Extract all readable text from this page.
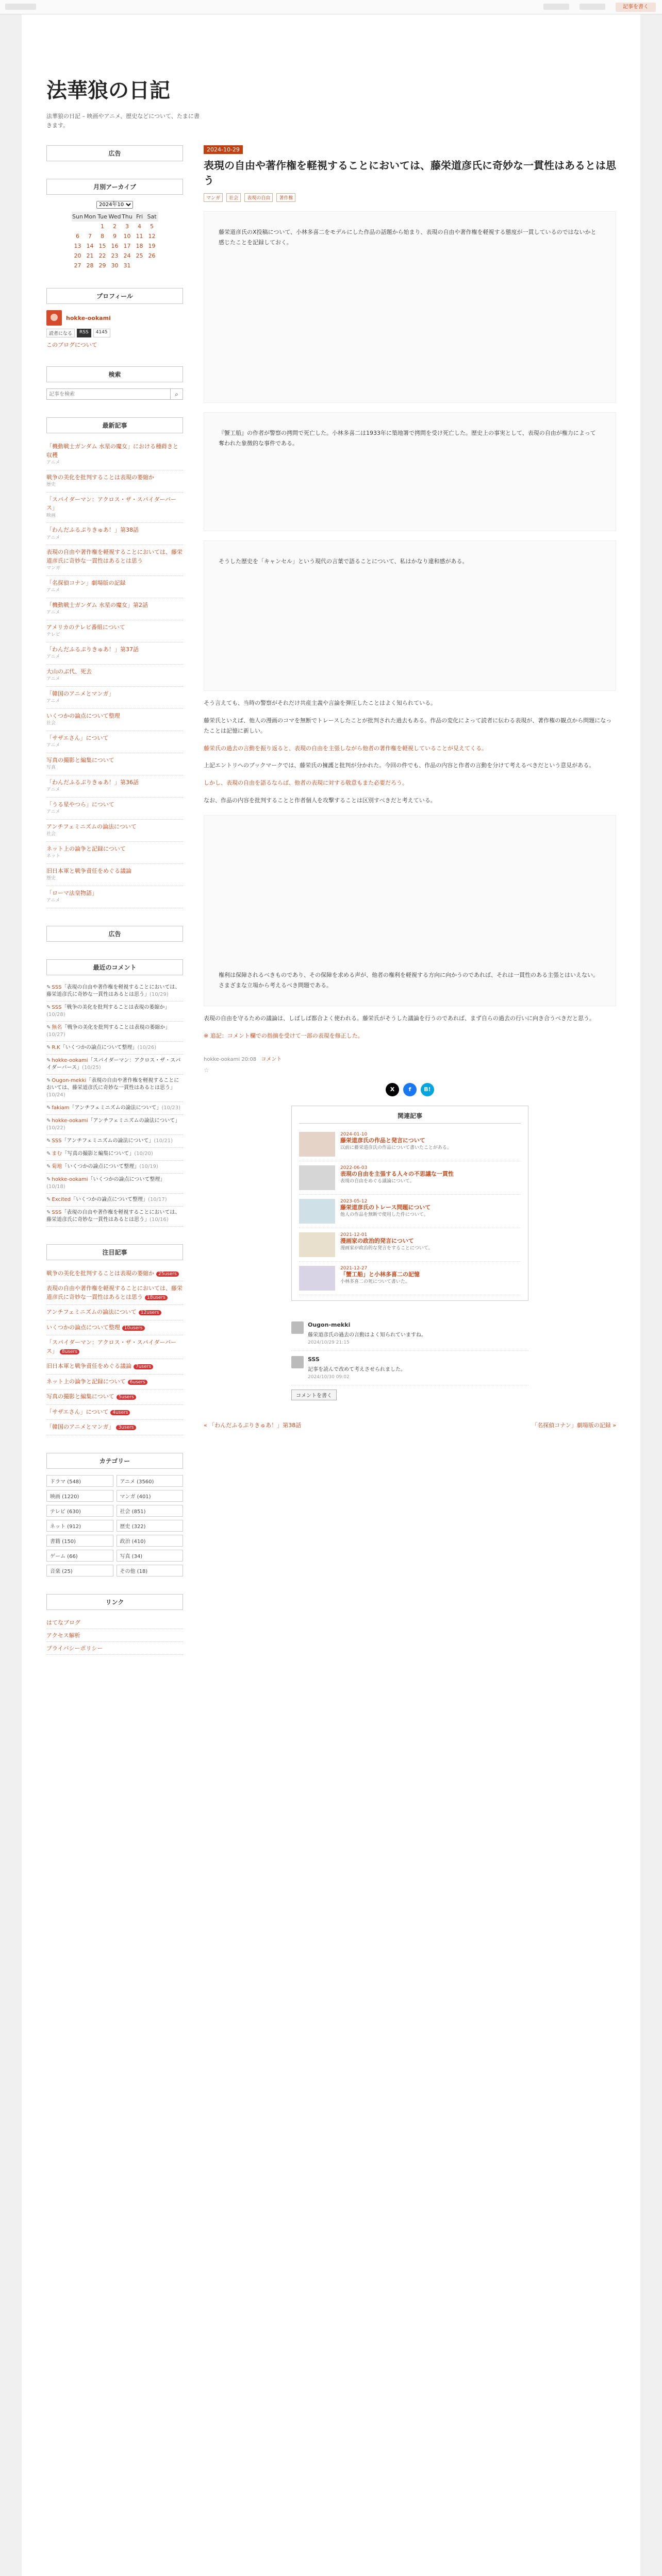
記事を書く
法華狼の日記
法華狼の日記 – 映画やアニメ、歴史などについて、たまに書きます。
広告
月別アーカイブ
2024年10
Sun	Mon	Tue	Wed	Thu	Fri	Sat
		1	2	3	4	5
6	7	8	9	10	11	12
13	14	15	16	17	18	19
20	21	22	23	24	25	26
27	28	29	30	31		
プロフィール
hokke-ookami
読者になる	RSS	4145
このブログについて
検索
記事を検索
⌕
最新記事
「機動戦士ガンダム 水星の魔女」における種蒔きと収穫
アニメ
戦争の美化を批判することは表現の萎縮か
歴史
「スパイダーマン：アクロス・ザ・スパイダーバース」
映画
「わんだふるぷりきゅあ！」第38話
アニメ
表現の自由や著作権を軽視することにおいては、藤栄道彦氏に奇妙な一貫性はあるとは思う
マンガ
「名探偵コナン」劇場版の記録
アニメ
「機動戦士ガンダム 水星の魔女」第2話
アニメ
アメリカのテレビ番組について
テレビ
「わんだふるぷりきゅあ！」第37話
アニメ
大山のぶ代、死去
アニメ
「韓国のアニメとマンガ」
アニメ
いくつかの論点について整理
社会
「サザエさん」について
アニメ
写真の撮影と編集について
写真
「わんだふるぷりきゅあ！」第36話
アニメ
「うる星やつら」について
アニメ
アンチフェミニズムの論法について
社会
ネット上の論争と記録について
ネット
旧日本軍と戦争責任をめぐる議論
歴史
「ローマ法皇物語」
アニメ
広告
最近のコメント
✎ SSS「表現の自由や著作権を軽視することにおいては、藤栄道彦氏に奇妙な一貫性はあるとは思う」(10/29)
✎ SSS「戦争の美化を批判することは表現の萎縮か」(10/28)
✎ 無名「戦争の美化を批判することは表現の萎縮か」(10/27)
✎ R.K「いくつかの論点について整理」(10/26)
✎ hokke-ookami「スパイダーマン：アクロス・ザ・スパイダーバース」(10/25)
✎ Ougon-mekki「表現の自由や著作権を軽視することにおいては、藤栄道彦氏に奇妙な一貫性はあるとは思う」(10/24)
✎ fakiam「アンチフェミニズムの論法について」(10/23)
✎ hokke-ookami「アンチフェミニズムの論法について」(10/22)
✎ SSS「アンチフェミニズムの論法について」(10/21)
✎ まむ「写真の撮影と編集について」(10/20)
✎ 菊地「いくつかの論点について整理」(10/19)
✎ hokke-ookami「いくつかの論点について整理」(10/18)
✎ Excited「いくつかの論点について整理」(10/17)
✎ SSS「表現の自由や著作権を軽視することにおいては、藤栄道彦氏に奇妙な一貫性はあるとは思う」(10/16)
注目記事
戦争の美化を批判することは表現の萎縮か 25users
表現の自由や著作権を軽視することにおいては、藤栄道彦氏に奇妙な一貫性はあるとは思う 18users
アンチフェミニズムの論法について 12users
いくつかの論点について整理 10users
「スパイダーマン：アクロス・ザ・スパイダーバース」 8users
旧日本軍と戦争責任をめぐる議論 7users
ネット上の論争と記録について 6users
写真の撮影と編集について 5users
「サザエさん」について 4users
「韓国のアニメとマンガ」 3users
カテゴリー
ドラマ (548)	アニメ (3560)
映画 (1220)	マンガ (401)
テレビ (630)	社会 (851)
ネット (912)	歴史 (322)
書籍 (150)	政治 (410)
ゲーム (66)	写真 (34)
音楽 (25)	その他 (18)
リンク
はてなブログ
アクセス解析
プライバシーポリシー
2024-10-29
表現の自由や著作権を軽視することにおいては、藤栄道彦氏に奇妙な一貫性はあるとは思う
マンガ 社会 表現の自由 著作権
藤栄道彦氏のX投稿について、小林多喜二をモデルにした作品の話題から始まり、表現の自由や著作権を軽視する態度が一貫しているのではないかと感じたことを記録しておく。
『蟹工船』の作者が警察の拷問で死亡した。小林多喜二は1933年に築地署で拷問を受け死亡した。歴史上の事実として、表現の自由が権力によって奪われた象徴的な事件である。
そうした歴史を「キャンセル」という現代の言葉で語ることについて、私はかなり違和感がある。

そう言えても、当時の警察がそれだけ共産主義や言論を弾圧したことはよく知られている。

藤栄氏といえば、他人の漫画のコマを無断でトレースしたことが批判された過去もある。作品の変化によって読者に伝わる表現が、著作権の観点から問題になったことは記憶に新しい。

藤栄氏の過去の言動を振り返ると、表現の自由を主張しながら他者の著作権を軽視していることが見えてくる。

上記エントリへのブックマークでは、藤栄氏の擁護と批判が分かれた。今回の件でも、作品の内容と作者の言動を分けて考えるべきだという意見がある。

しかし、表現の自由を語るならば、他者の表現に対する敬意もまた必要だろう。

なお、作品の内容を批判することと作者個人を攻撃することは区別すべきだと考えている。

権利は保障されるべきものであり、その保障を求める声が、他者の権利を軽視する方向に向かうのであれば、それは一貫性のある主張とはいえない。さまざまな立場から考えるべき問題である。

表現の自由を守るための議論は、しばしば都合よく使われる。藤栄氏がそうした議論を行うのであれば、まず自らの過去の行いに向き合うべきだと思う。

※ 追記：コメント欄での指摘を受けて一部の表現を修正した。

hokke-ookami 20:08 コメント
☆
X	f	B!
関連記事
2024-01-10
藤栄道彦氏の作品と発言について
以前に藤栄道彦氏の作品について書いたことがある。
2022-06-03
表現の自由を主張する人々の不思議な一貫性
表現の自由をめぐる議論について。
2023-05-12
藤栄道彦氏のトレース問題について
他人の作品を無断で使用した件について。
2021-12-01
漫画家の政治的発言について
漫画家が政治的な発言をすることについて。
2021-12-27
「蟹工船」と小林多喜二の記憶
小林多喜二の死について書いた。
Ougon-mekki
藤栄道彦氏の過去の言動はよく知られていますね。
2024/10/29 21:15
SSS
記事を読んで改めて考えさせられました。
2024/10/30 09:02
コメントを書く
« 「わんだふるぷりきゅあ！」第38話	「名探偵コナン」劇場版の記録 »
